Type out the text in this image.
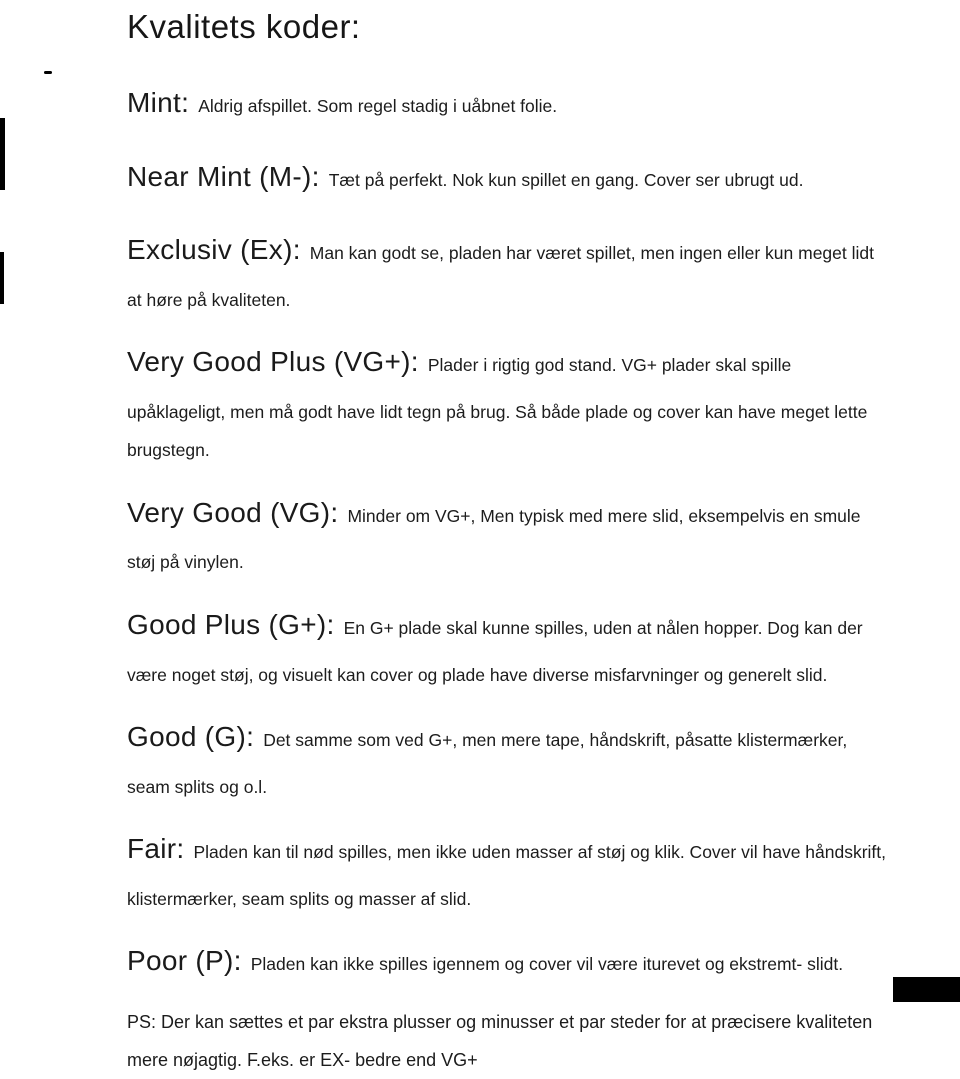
Kvalitets koder:

Mint: Aldrig afspillet. Som regel stadig i uåbnet folie.

Near Mint (M-): Tæt på perfekt. Nok kun spillet en gang. Cover ser ubrugt ud.

Exclusiv (Ex): Man kan godt se, pladen har været spillet, men ingen eller kun meget lidt at høre på kvaliteten.

Very Good Plus (VG+): Plader i rigtig god stand. VG+ plader skal spille upåklageligt, men må godt have lidt tegn på brug. Så både plade og cover kan have meget lette brugstegn.

Very Good (VG): Minder om VG+, Men typisk med mere slid, eksempelvis en smule støj på vinylen.

Good Plus (G+): En G+ plade skal kunne spilles, uden at nålen hopper. Dog kan der være noget støj, og visuelt kan cover og plade have diverse misfarvninger og generelt slid.

Good (G): Det samme som ved G+, men mere tape, håndskrift, påsatte klistermærker, seam splits og o.l.

Fair: Pladen kan til nød spilles, men ikke uden masser af støj og klik. Cover vil have håndskrift, klistermærker, seam splits og masser af slid.

Poor (P): Pladen kan ikke spilles igennem og cover vil være iturevet og ekstremt- slidt.

PS: Der kan sættes et par ekstra plusser og minusser et par steder for at præcisere kvaliteten mere nøjagtig. F.eks. er EX- bedre end VG+
